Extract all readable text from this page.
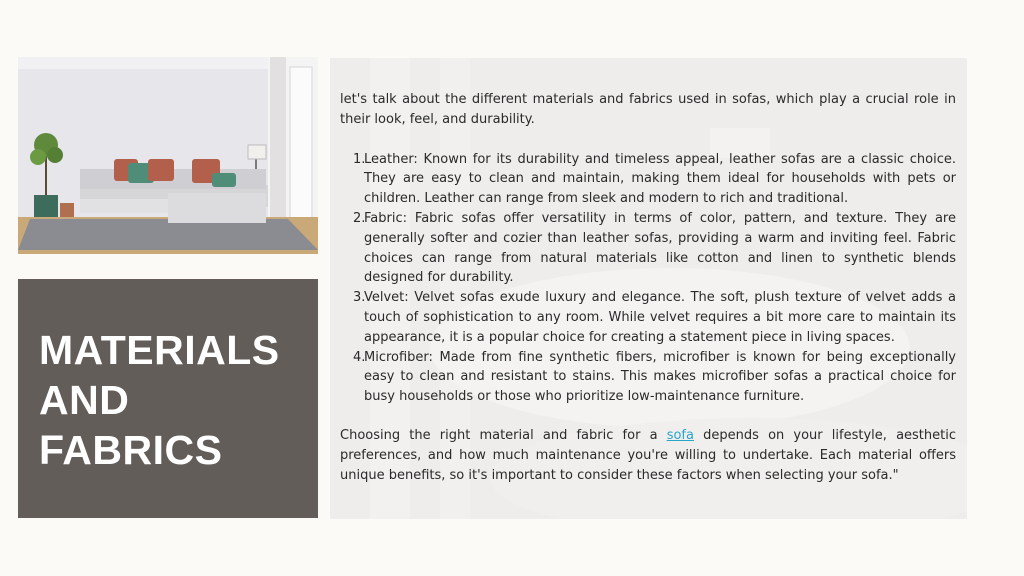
MATERIALS
AND
FABRICS

let's talk about the different materials and fabrics used in sofas, which play a crucial role in their look, feel, and durability.

1.
Leather: Known for its durability and timeless appeal, leather sofas are a classic choice. They are easy to clean and maintain, making them ideal for households with pets or children. Leather can range from sleek and modern to rich and traditional.
2.
Fabric: Fabric sofas offer versatility in terms of color, pattern, and texture. They are generally softer and cozier than leather sofas, providing a warm and inviting feel. Fabric choices can range from natural materials like cotton and linen to synthetic blends designed for durability.
3.
Velvet: Velvet sofas exude luxury and elegance. The soft, plush texture of velvet adds a touch of sophistication to any room. While velvet requires a bit more care to maintain its appearance, it is a popular choice for creating a statement piece in living spaces.
4.
Microfiber: Made from fine synthetic fibers, microfiber is known for being exceptionally easy to clean and resistant to stains. This makes microfiber sofas a practical choice for busy households or those who prioritize low-maintenance furniture.

Choosing the right material and fabric for a sofa depends on your lifestyle, aesthetic preferences, and how much maintenance you're willing to undertake. Each material offers unique benefits, so it's important to consider these factors when selecting your sofa."
